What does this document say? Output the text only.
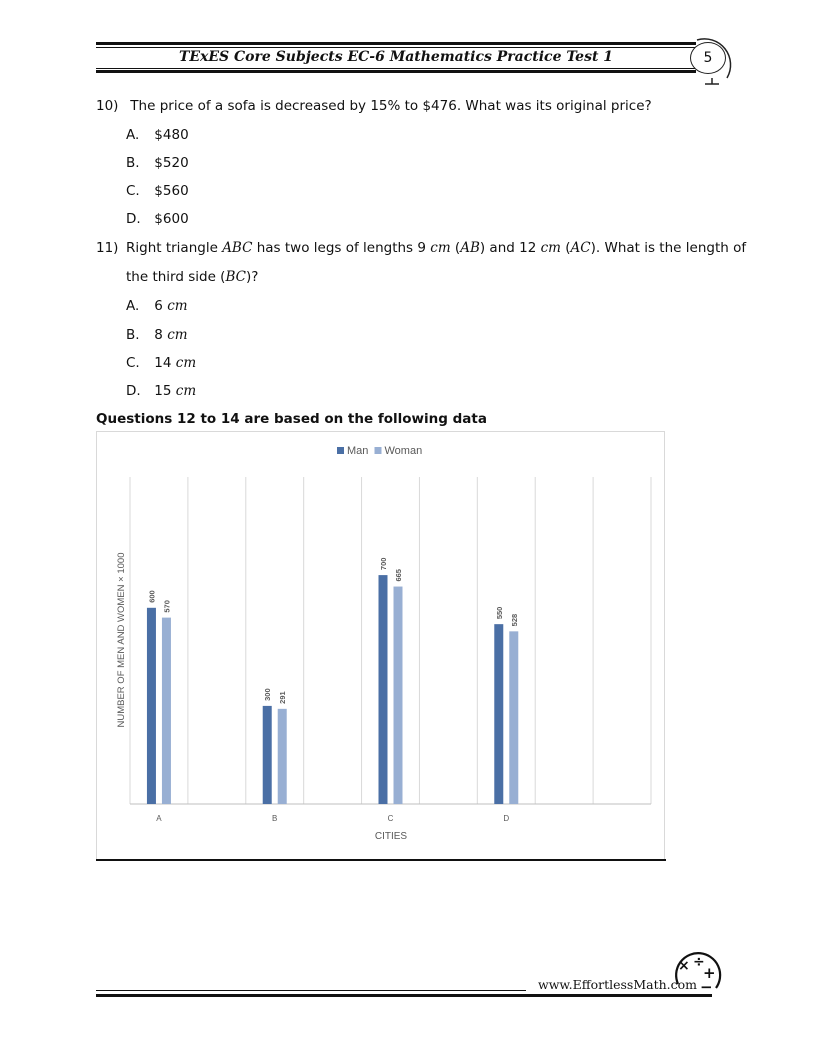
TExES Core Subjects EC-6 Mathematics Practice Test 1	5
10) The price of a sofa is decreased by 15% to $476. What was its original price?
A. $480
B. $520
C. $560
D. $600
11) Right triangle ABC has two legs of lengths 9 cm (AB) and 12 cm (AC). What is the length of
the third side (BC)?
A. 6 cm
B. 8 cm
C. 14 cm
D. 15 cm
Questions 12 to 14 are based on the following data
Man Woman
600
570
A
300 291
B
700
665
C
550
528
D
CITIES
NUMBER OF MEN AND WOMEN × 1000
www.EffortlessMath.com
× ÷
+
−
